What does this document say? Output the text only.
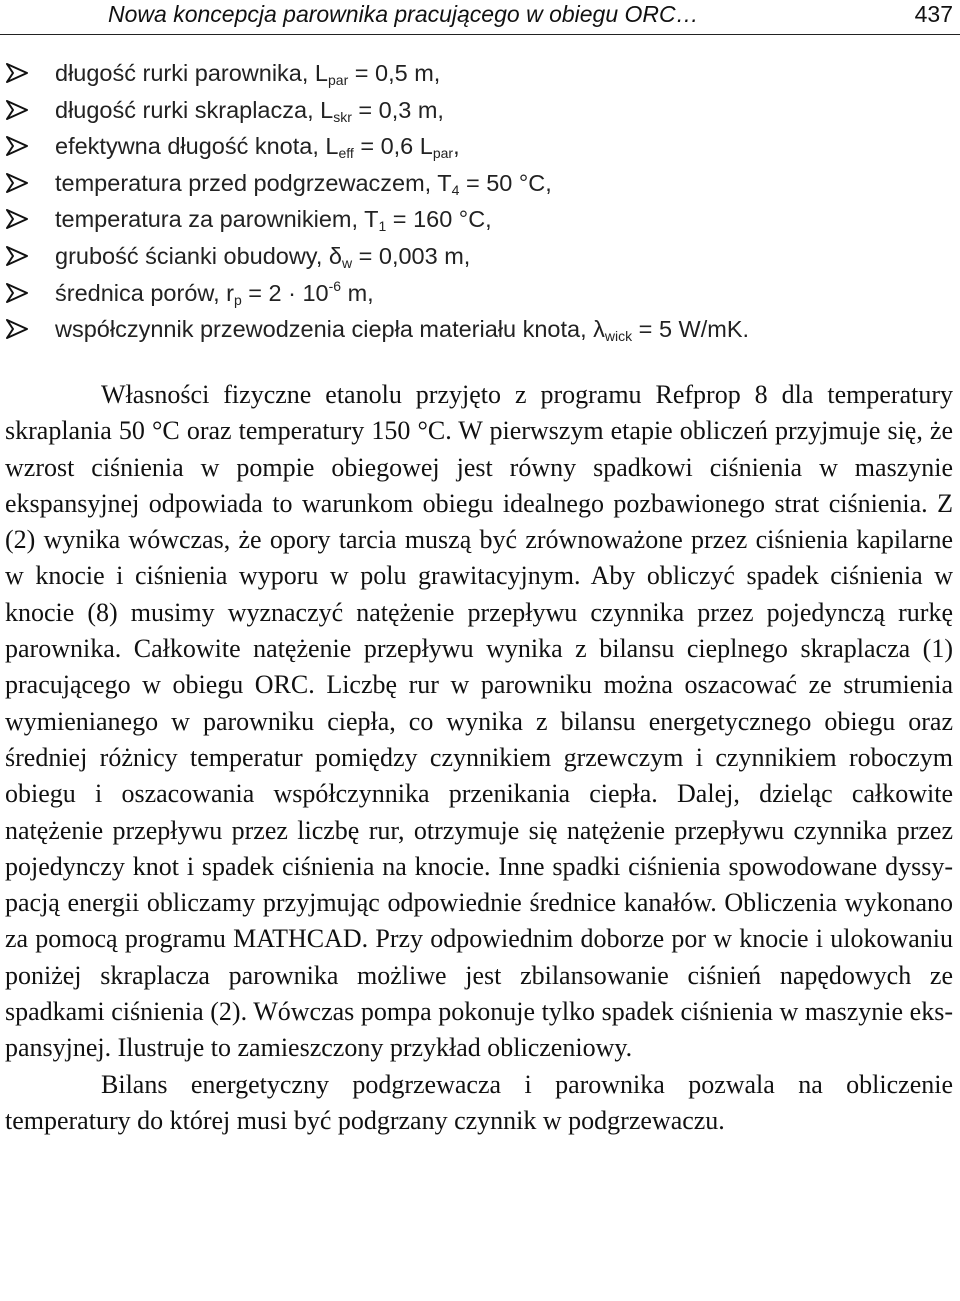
Nowa koncepcja parownika pracującego w obiegu ORC…	437
długość rurki parownika, $L_{par} = 0,5$ m,
długość rurki skraplacza, $L_{skr} = 0,3$ m,
efektywna długość knota, $L_{eff} = 0,6$ $L_{par}$,
temperatura przed podgrzewaczem, $T_4 = 50$ °C,
temperatura za parownikiem, $T_1 = 160$ °C,
grubość ścianki obudowy, $\delta_w = 0,003$ m,
średnica porów, $r_p = 2 \cdot 10^{-6}$ m,
współczynnik przewodzenia ciepła materiału knota, $\lambda_{wick} = 5$ W/mK.

Własności fizyczne etanolu przyjęto z programu Refprop 8 dla temperatury skraplania 50 °C oraz temperatury 150 °C. W pierwszym etapie obliczeń przyjmuje się, że wzrost ciśnienia w pompie obiegowej jest równy spadkowi ciśnienia w maszynie ekspansyjnej odpowiada to warunkom obiegu idealnego pozbawionego strat ciśnienia. Z (2) wynika wówczas, że opory tarcia muszą być zrównoważone przez ciśnienia kapilarne w knocie i ciśnienia wyporu w polu grawitacyjnym. Aby obliczyć spadek ciśnienia w knocie (8) musimy wyznaczyć natężenie przepływu czynnika przez pojedynczą rurkę parownika. Całkowite natężenie przepływu wynika z bilansu cieplnego skraplacza (1) pracującego w obiegu ORC. Liczbę rur w parowniku można oszacować ze strumienia wymienianego w parowniku ciepła, co wynika z bilansu energetycznego obiegu oraz średniej różnicy temperatur pomiędzy czynnikiem grzewczym i czynnikiem roboczym obiegu i oszacowania współczynnika przenikania ciepła. Dalej, dzieląc całkowite natężenie przepływu przez liczbę rur, otrzymuje się natężenie przepływu czynnika przez pojedynczy knot i spadek ciśnienia na knocie. Inne spadki ciśnienia spowodowane dyssypacją energii obliczamy przyjmując odpowiednie średnice kanałów. Obliczenia wykonano za pomocą programu MATHCAD. Przy odpowiednim doborze por w knocie i ulokowaniu poniżej skraplacza parownika możliwe jest zbilansowanie ciśnień napędowych ze spadkami ciśnienia (2). Wówczas pompa pokonuje tylko spadek ciśnienia w maszynie ekspansyjnej. Ilustruje to zamieszczony przykład obliczeniowy.

Bilans energetyczny podgrzewacza i parownika pozwala na obliczenie temperatury do której musi być podgrzany czynnik w podgrzewaczu.
